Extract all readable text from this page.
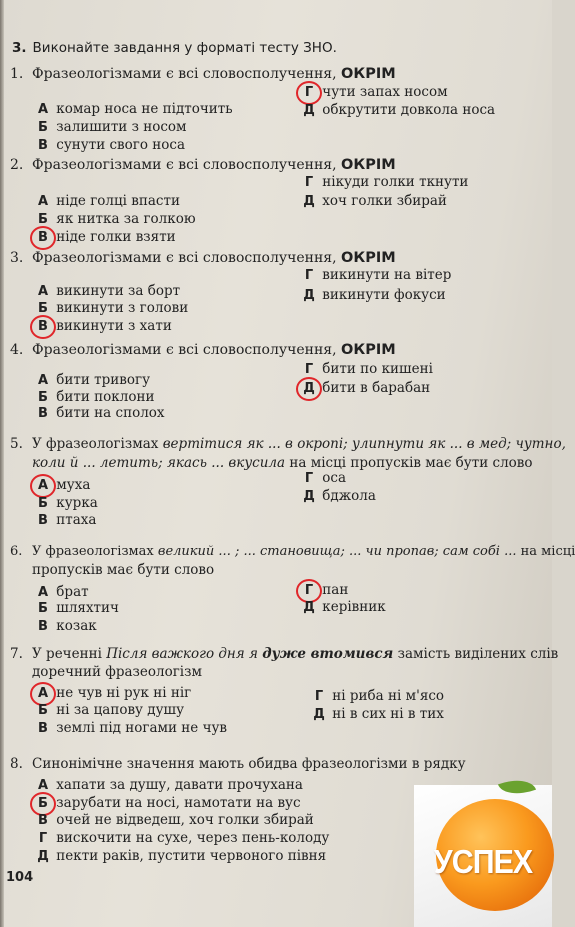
3. Виконайте завдання у форматі тесту ЗНО.
1. Фразеологізмами є всі словосполучення, ОКРІМ
А комар носа не підточить
Б залишити з носом
В сунути свого носа
Г чути запах носом
Д обкрутити довкола носа
2. Фразеологізмами є всі словосполучення, ОКРІМ
А ніде голці впасти
Б як нитка за голкою
В ніде голки взяти
Г нікуди голки ткнути
Д хоч голки збирай
3. Фразеологізмами є всі словосполучення, ОКРІМ
А викинути за борт
Б викинути з голови
В викинути з хати
Г викинути на вітер
Д викинути фокуси
4. Фразеологізмами є всі словосполучення, ОКРІМ
А бити тривогу
Б бити поклони
В бити на сполох
Г бити по кишені
Д бити в барабан
5. У фразеологізмах вертітися як ... в окропі; улипнути як ... в мед; чутно,
коли й ... летить; якась ... вкусила на місці пропусків має бути слово
А муха
Б курка
В птаха
Г оса
Д бджола
6. У фразеологізмах великий ... ; ... становища; ... чи пропав; сам собі ... на місці
пропусків має бути слово
А брат
Б шляхтич
В козак
Г пан
Д керівник
7. У реченні Після важкого дня я дуже втомився замість виділених слів
доречний фразеологізм
А не чув ні рук ні ніг
Б ні за цапову душу
В землі під ногами не чув
Г ні риба ні м'ясо
Д ні в сих ні в тих
8. Синонімічне значення мають обидва фразеологізми в рядку
А хапати за душу, давати прочухана
Б зарубати на носі, намотати на вус
В очей не відведеш, хоч голки збирай
Г вискочити на сухе, через пень-колоду
Д пекти раків, пустити червоного півня
104	УСПЕХ
